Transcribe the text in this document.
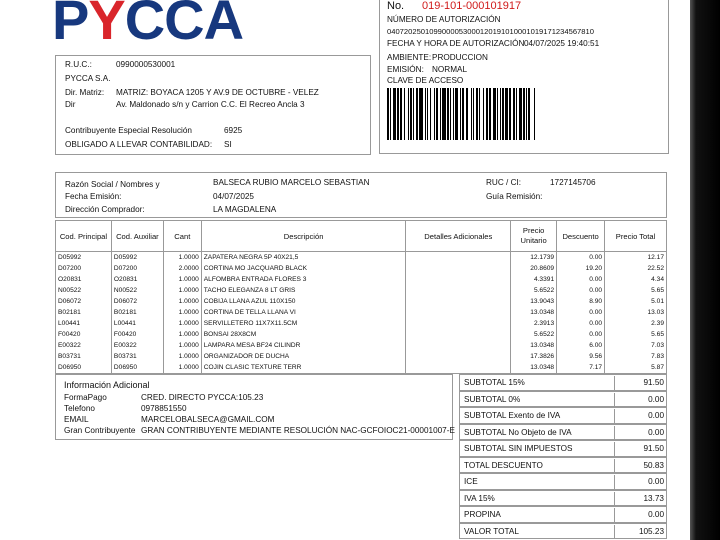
PYCCA
R.U.C.:	0990000530001
PYCCA S.A.
Dir. Matriz: MATRIZ: BOYACA 1205 Y AV.9 DE OCTUBRE - VELEZ
Dir	Av. Maldonado s/n y Carrion C.C. El Recreo Ancla 3
Contribuyente Especial Resolución	6925
OBLIGADO A LLEVAR CONTABILIDAD: SI
No. 019-101-000101917
NÚMERO DE AUTORIZACIÓN
0407202501099000053000120191010001019171234567810
FECHA Y HORA DE AUTORIZACIÓN 04/07/2025 19:40:51
AMBIENTE: PRODUCCION
EMISIÓN: NORMAL
CLAVE DE ACCESO
Razón Social / Nombres y	BALSECA RUBIO MARCELO SEBASTIAN
Fecha Emisión:	04/07/2025
Dirección Comprador:	LA MAGDALENA
RUC / CI:	1727145706
Guía Remisión:
Cod. Principal	Cod. Auxiliar	Cant	Descripción	Detalles Adicionales	Precio Unitario	Descuento	Precio Total
D05992	D05992	1.0000	ZAPATERA NEGRA 5P 40X21,5		12.1739	0.00	12.17
D07200	D07200	2.0000	CORTINA MO JACQUARD BLACK		20.8609	19.20	22.52
O20831	O20831	1.0000	ALFOMBRA ENTRADA FLORES 3		4.3391	0.00	4.34
N00522	N00522	1.0000	TACHO ELEGANZA 8 LT GRIS		5.6522	0.00	5.65
D06072	D06072	1.0000	COBIJA LLANA AZUL 110X150		13.9043	8.90	5.01
B02181	B02181	1.0000	CORTINA DE TELLA LLANA VI		13.0348	0.00	13.03
L00441	L00441	1.0000	SERVILLETERO 11X7X11.5CM		2.3913	0.00	2.39
F00420	F00420	1.0000	BONSAI 28X8CM		5.6522	0.00	5.65
E00322	E00322	1.0000	LAMPARA MESA BF24 CILINDR		13.0348	6.00	7.03
B03731	B03731	1.0000	ORGANIZADOR DE DUCHA		17.3826	9.56	7.83
D06950	D06950	1.0000	COJIN CLASIC TEXTURE TERR		13.0348	7.17	5.87
Información Adicional
FormaPago	CRED. DIRECTO PYCCA:105.23
Telefono	0978851550
EMAIL	MARCELOBALSECA@GMAIL.COM
Gran Contribuyente GRAN CONTRIBUYENTE MEDIANTE RESOLUCIÓN NAC-GCFOIOC21-00001007-E
SUBTOTAL 15%	91.50
SUBTOTAL 0%	0.00
SUBTOTAL Exento de IVA	0.00
SUBTOTAL No Objeto de IVA	0.00
SUBTOTAL SIN IMPUESTOS	91.50
TOTAL DESCUENTO	50.83
ICE	0.00
IVA 15%	13.73
PROPINA	0.00
VALOR TOTAL	105.23
